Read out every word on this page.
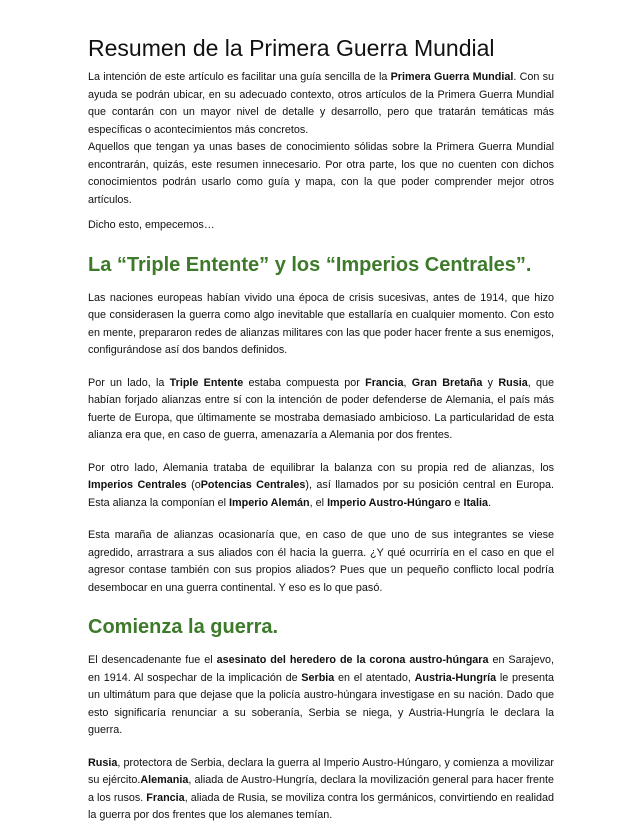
Resumen de la Primera Guerra Mundial

La intención de este artículo es facilitar una guía sencilla de la Primera Guerra Mundial. Con su ayuda se podrán ubicar, en su adecuado contexto, otros artículos de la Primera Guerra Mundial que contarán con un mayor nivel de detalle y desarrollo, pero que tratarán temáticas más específicas o acontecimientos más concretos.

Aquellos que tengan ya unas bases de conocimiento sólidas sobre la Primera Guerra Mundial encontrarán, quizás, este resumen innecesario. Por otra parte, los que no cuenten con dichos conocimientos podrán usarlo como guía y mapa, con la que poder comprender mejor otros artículos.

Dicho esto, empecemos…

La “Triple Entente” y los “Imperios Centrales”.

Las naciones europeas habían vivido una época de crisis sucesivas, antes de 1914, que hizo que considerasen la guerra como algo inevitable que estallaría en cualquier momento. Con esto en mente, prepararon redes de alianzas militares con las que poder hacer frente a sus enemigos, configurándose así dos bandos definidos.

Por un lado, la Triple Entente estaba compuesta por Francia, Gran Bretaña y Rusia, que habían forjado alianzas entre sí con la intención de poder defenderse de Alemania, el país más fuerte de Europa, que últimamente se mostraba demasiado ambicioso. La particularidad de esta alianza era que, en caso de guerra, amenazaría a Alemania por dos frentes.

Por otro lado, Alemania trataba de equilibrar la balanza con su propia red de alianzas, los Imperios Centrales (oPotencias Centrales), así llamados por su posición central en Europa. Esta alianza la componían el Imperio Alemán, el Imperio Austro-Húngaro e Italia.

Esta maraña de alianzas ocasionaría que, en caso de que uno de sus integrantes se viese agredido, arrastrara a sus aliados con él hacia la guerra. ¿Y qué ocurriría en el caso en que el agresor contase también con sus propios aliados? Pues que un pequeño conflicto local podría desembocar en una guerra continental. Y eso es lo que pasó.

Comienza la guerra.

El desencadenante fue el asesinato del heredero de la corona austro-húngara en Sarajevo, en 1914. Al sospechar de la implicación de Serbia en el atentado, Austria-Hungría le presenta un ultimátum para que dejase que la policía austro-húngara investigase en su nación. Dado que esto significaría renunciar a su soberanía, Serbia se niega, y Austria-Hungría le declara la guerra.

Rusia, protectora de Serbia, declara la guerra al Imperio Austro-Húngaro, y comienza a movilizar su ejército.Alemania, aliada de Austro-Hungría, declara la movilización general para hacer frente a los rusos. Francia, aliada de Rusia, se moviliza contra los germánicos, convirtiendo en realidad la guerra por dos frentes que los alemanes temían.
